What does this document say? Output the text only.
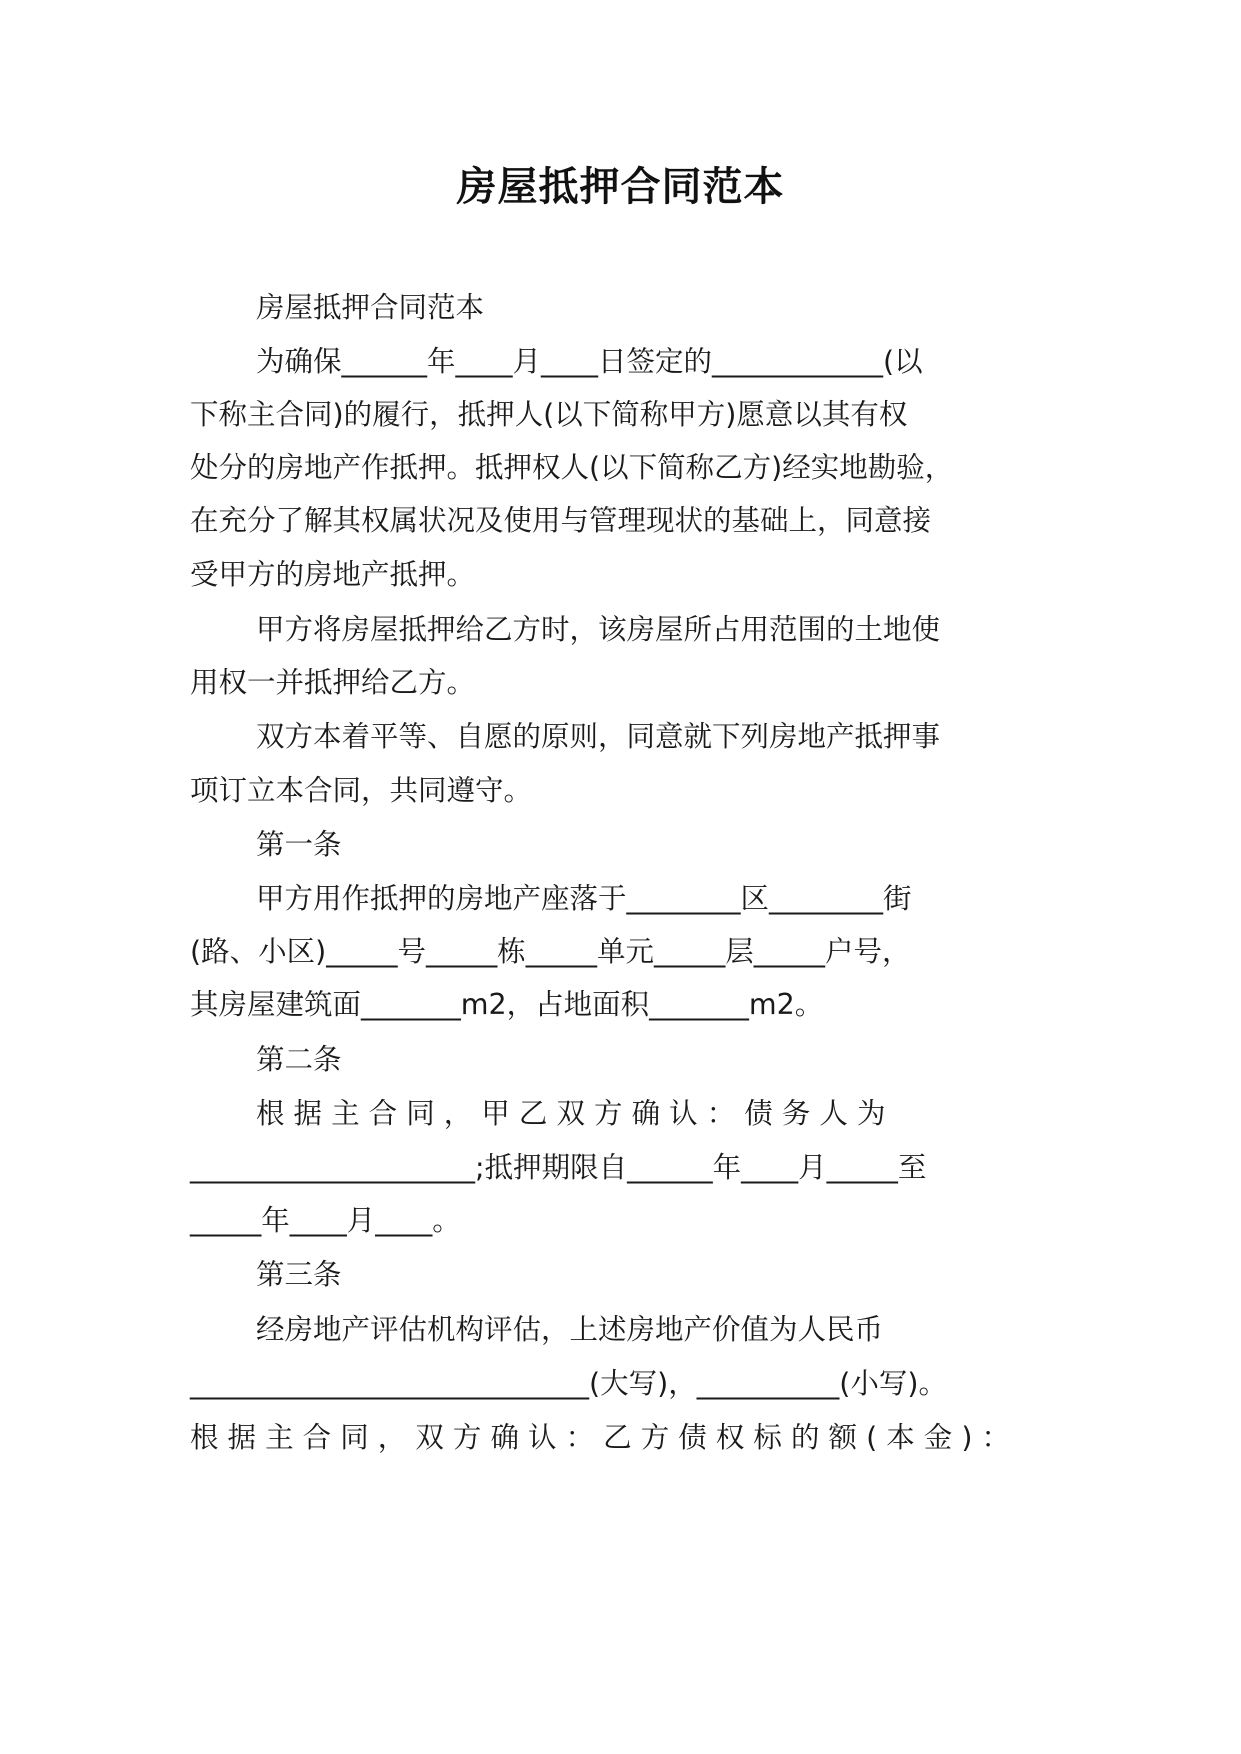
房屋抵押合同范本
房屋抵押合同范本
为确保______年____月____日签定的____________(以
下称主合同)的履行，抵押人(以下简称甲方)愿意以其有权
处分的房地产作抵押。抵押权人(以下简称乙方)经实地勘验，
在充分了解其权属状况及使用与管理现状的基础上，同意接
受甲方的房地产抵押。
甲方将房屋抵押给乙方时，该房屋所占用范围的土地使
用权一并抵押给乙方。
双方本着平等、自愿的原则，同意就下列房地产抵押事
项订立本合同，共同遵守。
第一条
甲方用作抵押的房地产座落于________区________街
(路、小区)_____号_____栋_____单元_____层_____户号，
其房屋建筑面_______m2，占地面积_______m2。
第二条
根 据 主 合 同 ， 甲 乙 双 方 确 认 ： 债 务 人 为
____________________;抵押期限自______年____月_____至
_____年____月____。
第三条
经房地产评估机构评估，上述房地产价值为人民币
____________________________(大写)，__________(小写)。
根 据 主 合 同 ， 双 方 确 认 ： 乙 方 债 权 标 的 额 ( 本 金 ) ：
